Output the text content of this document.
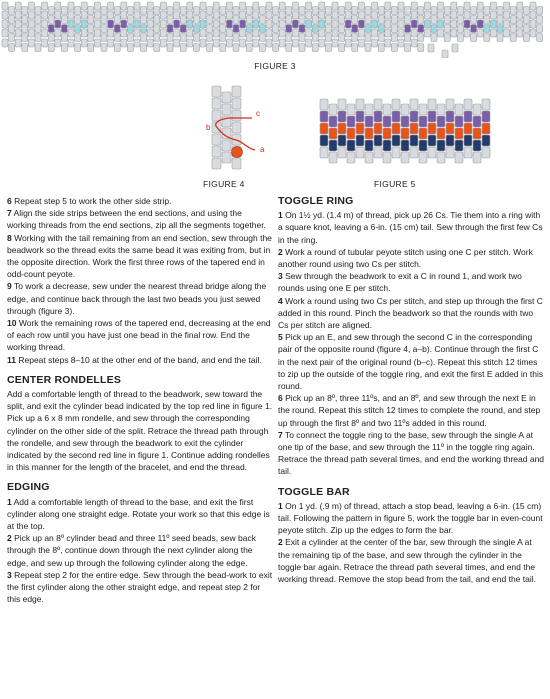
FIGURE 3
c
b
a
FIGURE 4	FIGURE 5

6 Repeat step 5 to work the other side strip.

7 Align the side strips between the end sections, and using the working threads from the end sections, zip all the segments together.

8 Working with the tail remaining from an end section, sew through the beadwork so the thread exits the same bead it was exiting from, but in the opposite direction. Work the first three rows of the tapered end in odd-count peyote.

9 To work a decrease, sew under the nearest thread bridge along the edge, and continue back through the last two beads you just sewed through (figure 3).

10 Work the remaining rows of the tapered end, decreasing at the end of each row until you have just one bead in the final row. End the working thread.

11 Repeat steps 8–10 at the other end of the band, and end the tail.

CENTER RONDELLES

Add a comfortable length of thread to the beadwork, sew toward the split, and exit the cylinder bead indicated by the top red line in figure 1. Pick up a 6 x 8 mm rondelle, and sew through the corresponding cylinder on the other side of the split. Retrace the thread path through the rondelle, and sew through the beadwork to exit the cylinder indicated by the second red line in figure 1. Continue adding rondelles in this manner for the length of the bracelet, and end the thread.

EDGING

1 Add a comfortable length of thread to the base, and exit the first cylinder along one straight edge. Rotate your work so that this edge is at the top.

2 Pick up an 8º cylinder bead and three 11º seed beads, sew back through the 8º, continue down through the next cylinder along the edge, and sew up through the following cylinder along the edge.

3 Repeat step 2 for the entire edge. Sew through the bead-work to exit the first cylinder along the other straight edge, and repeat step 2 for this edge.

TOGGLE RING

1 On 1½ yd. (1.4 m) of thread, pick up 26 Cs. Tie them into a ring with a square knot, leaving a 6-in. (15 cm) tail. Sew through the first few Cs in the ring.

2 Work a round of tubular peyote stitch using one C per stitch. Work another round using two Cs per stitch.

3 Sew through the beadwork to exit a C in round 1, and work two rounds using one E per stitch.

4 Work a round using two Cs per stitch, and step up through the first C added in this round. Pinch the beadwork so that the rounds with two Cs per stitch are aligned.

5 Pick up an E, and sew through the second C in the corresponding pair of the opposite round (figure 4, a–b). Continue through the first C in the next pair of the original round (b–c). Repeat this stitch 12 times to zip up the outside of the toggle ring, and exit the first E added in this round.

6 Pick up an 8º, three 11ºs, and an 8º, and sew through the next E in the round. Repeat this stitch 12 times to complete the round, and step up through the first 8º and two 11ºs added in this round.

7 To connect the toggle ring to the base, sew through the single A at one tip of the base, and sew through the 11º in the toggle ring again. Retrace the thread path several times, and end the working thread and tail.

TOGGLE BAR

1 On 1 yd. (.9 m) of thread, attach a stop bead, leaving a 6-in. (15 cm) tail. Following the pattern in figure 5, work the toggle bar in even-count peyote stitch. Zip up the edges to form the bar.

2 Exit a cylinder at the center of the bar, sew through the single A at the remaining tip of the base, and sew through the cylinder in the toggle bar again. Retrace the thread path several times, and end the working thread. Remove the stop bead from the tail, and end the tail.
